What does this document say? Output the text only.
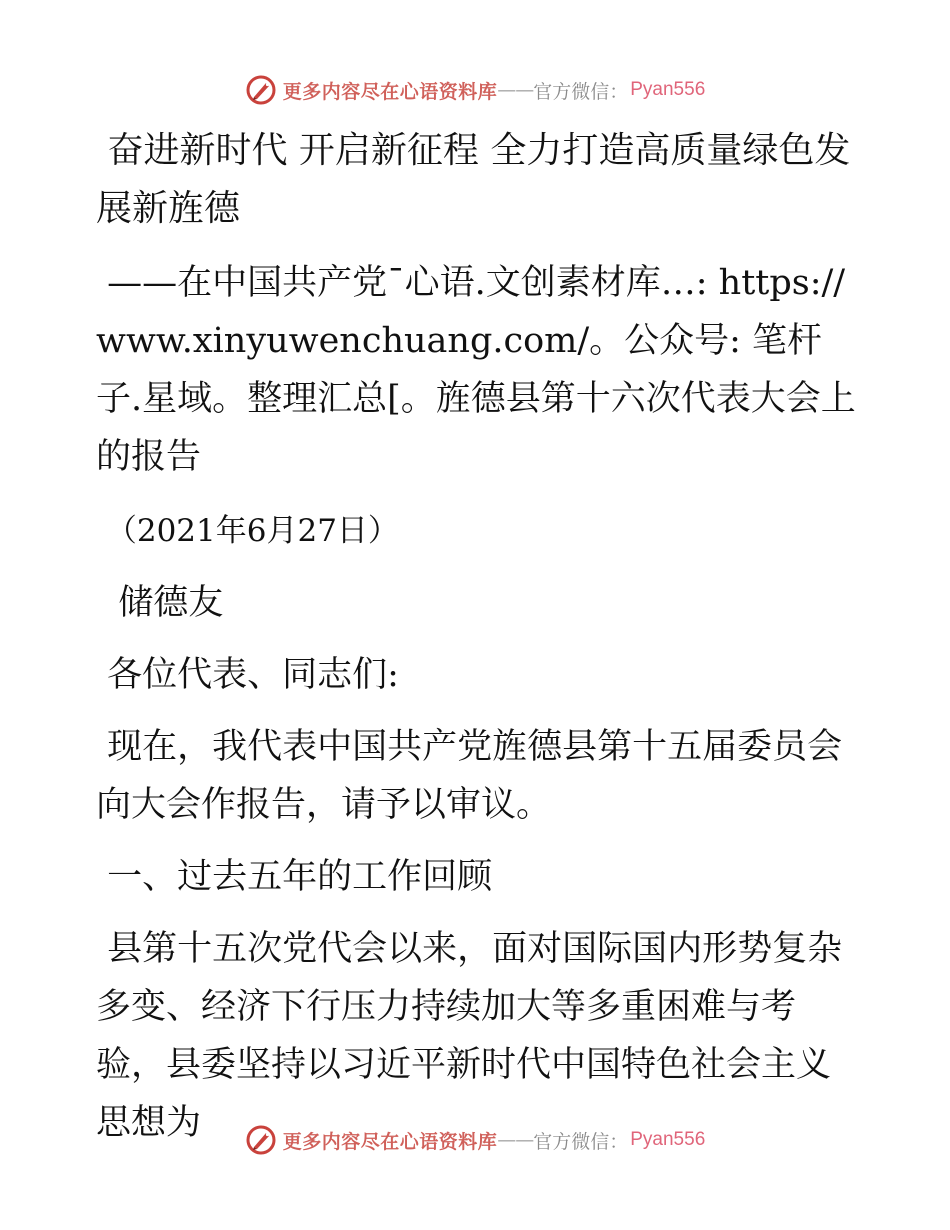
更多内容尽在心语资料库 —— 官方微信： Pyan556

奋进新时代 开启新征程 全力打造高质量绿色发展新旌德

——在中国共产党¯心语.文创素材库…: https://www.xinyuwenchuang.com/。公众号: 笔杆子.星域。整理汇总[。旌德县第十六次代表大会上的报告

（2021年6月27日）

储德友

各位代表、同志们:

现在，我代表中国共产党旌德县第十五届委员会向大会作报告，请予以审议。

一、过去五年的工作回顾

县第十五次党代会以来，面对国际国内形势复杂多变、经济下行压力持续加大等多重困难与考验，县委坚持以习近平新时代中国特色社会主义思想为	更多内容尽在心语资料库 —— 官方微信： Pyan556
